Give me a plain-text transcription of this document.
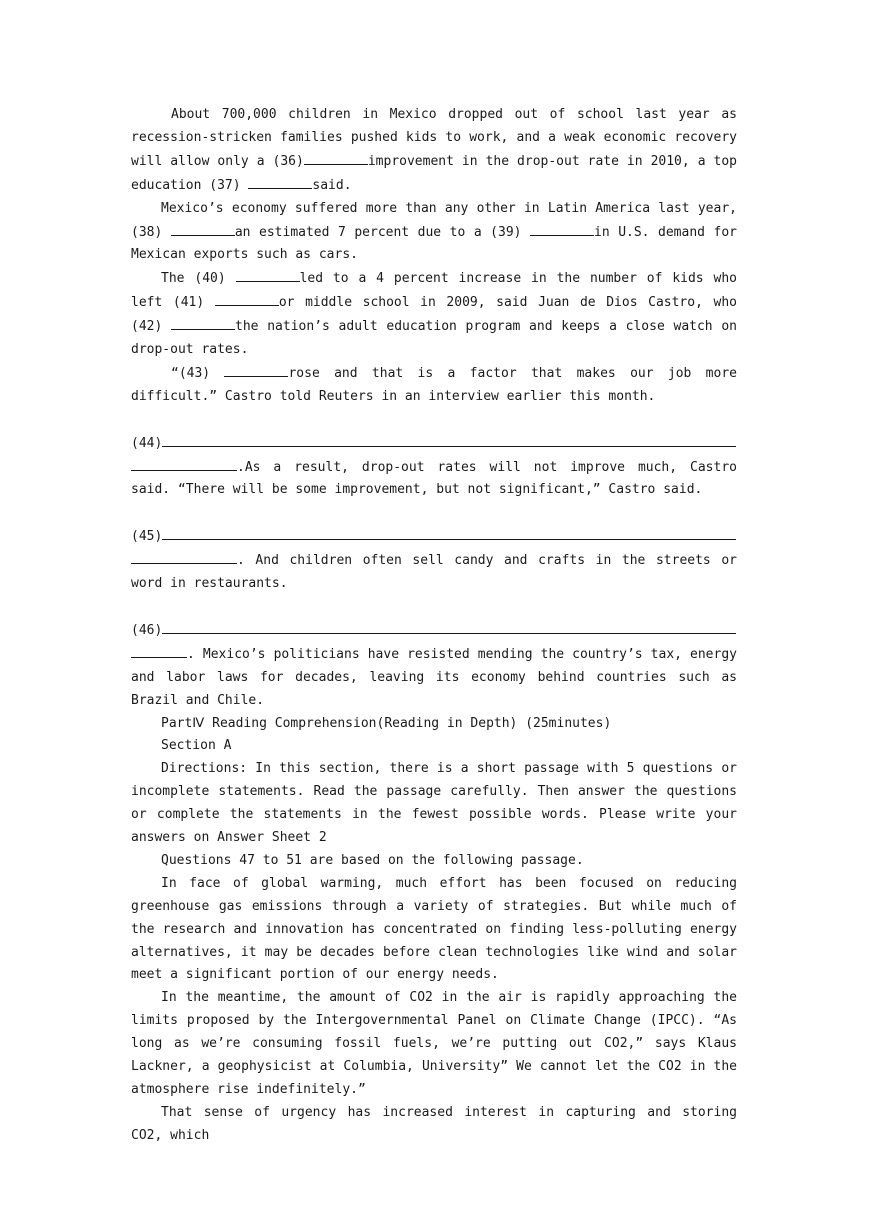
About 700,000 children in Mexico dropped out of school last year as recession-stricken families pushed kids to work, and a weak economic recovery will allow only a (36)	improvement in the drop-out rate in 2010, a top education (37)	said.

Mexico’s economy suffered more than any other in Latin America last year, (38)	an estimated 7 percent due to a (39)	in U.S. demand for Mexican exports such as cars.

The (40)	led to a 4 percent increase in the number of kids who left (41)	or middle school in 2009, said Juan de Dios Castro, who (42)	the nation’s adult education program and keeps a close watch on drop-out rates.

“(43)	rose and that is a factor that makes our job more difficult.” Castro told Reuters in an interview earlier this month.

(44)
.As a result, drop-out rates will not improve much, Castro said. “There will be some improvement, but not significant,” Castro said.

(45)
. And children often sell candy and crafts in the streets or word in restaurants.

(46)
. Mexico’s politicians have resisted mending the country’s tax, energy and labor laws for decades, leaving its economy behind countries such as Brazil and Chile.

PartⅣ Reading Comprehension(Reading in Depth) (25minutes)

Section A

Directions: In this section, there is a short passage with 5 questions or incomplete statements. Read the passage carefully. Then answer the questions or complete the statements in the fewest possible words. Please write your answers on Answer Sheet 2

Questions 47 to 51 are based on the following passage.

In face of global warming, much effort has been focused on reducing greenhouse gas emissions through a variety of strategies. But while much of the research and innovation has concentrated on finding less-polluting energy alternatives, it may be decades before clean technologies like wind and solar meet a significant portion of our energy needs.

In the meantime, the amount of CO2 in the air is rapidly approaching the limits proposed by the Intergovernmental Panel on Climate Change (IPCC). “As long as we’re consuming fossil fuels, we’re putting out CO2,” says Klaus Lackner, a geophysicist at Columbia, University” We cannot let the CO2 in the atmosphere rise indefinitely.”

That sense of urgency has increased interest in capturing and storing CO2, which
